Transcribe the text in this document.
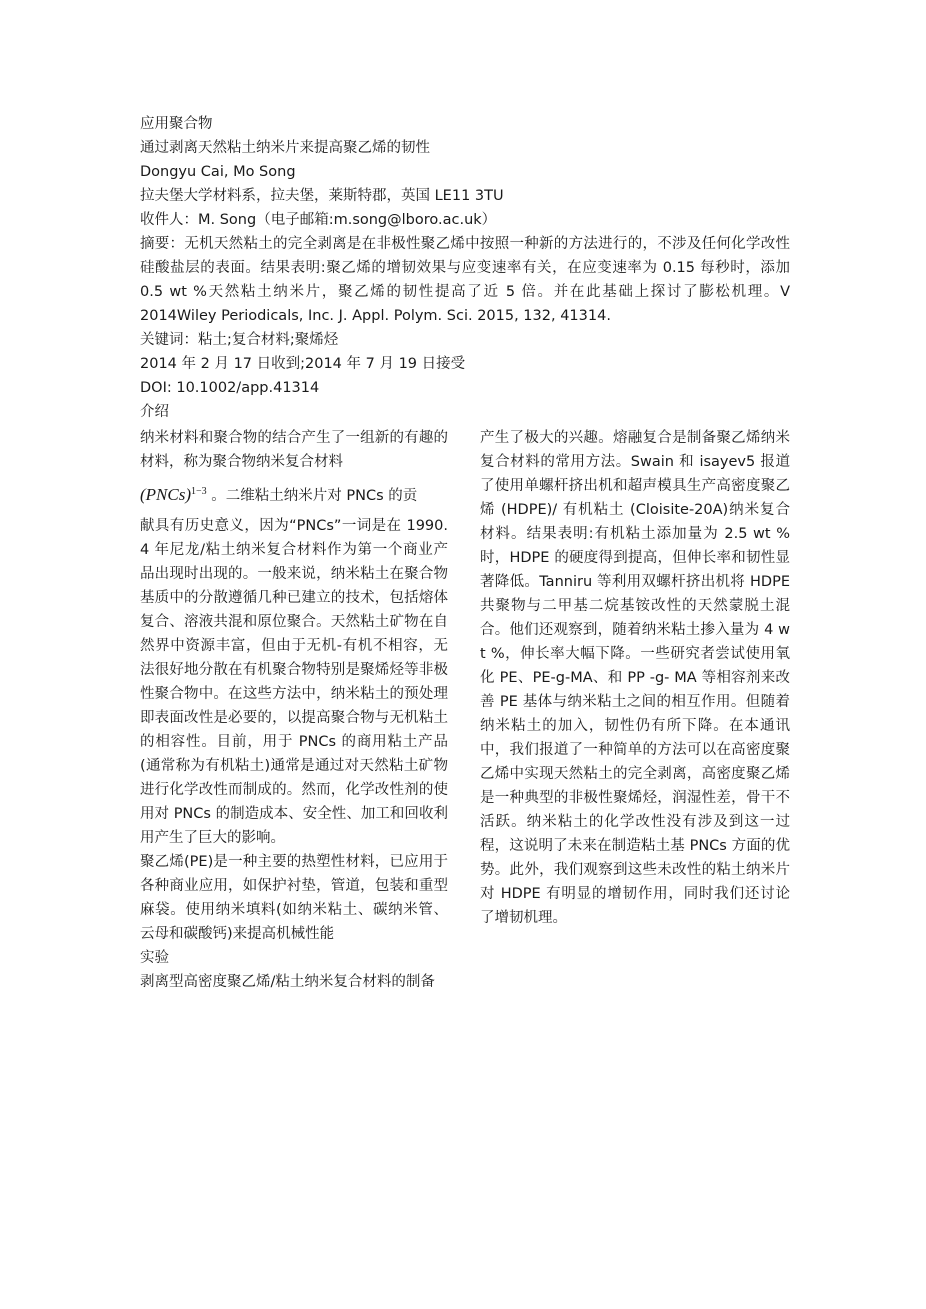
应用聚合物
通过剥离天然粘土纳米片来提高聚乙烯的韧性
Dongyu Cai, Mo Song
拉夫堡大学材料系，拉夫堡，莱斯特郡，英国 LE11 3TU
收件人：M. Song（电子邮箱:m.song@lboro.ac.uk）
摘要：无机天然粘土的完全剥离是在非极性聚乙烯中按照一种新的方法进行的，不涉及任何化学改性硅酸盐层的表面。结果表明:聚乙烯的增韧效果与应变速率有关，在应变速率为 0.15 每秒时，添加 0.5 wt %天然粘土纳米片，聚乙烯的韧性提高了近 5 倍。并在此基础上探讨了膨松机理。V 2014Wiley Periodicals, Inc. J. Appl. Polym. Sci. 2015, 132, 41314.
关键词：粘土;复合材料;聚烯烃
2014 年 2 月 17 日收到;2014 年 7 月 19 日接受
DOI: 10.1002/app.41314
介绍

纳米材料和聚合物的结合产生了一组新的有趣的材料，称为聚合物纳米复合材料

(PNCs)$^{1-3}$ 。二维粘土纳米片对 PNCs 的贡

献具有历史意义，因为“PNCs”一词是在 1990.4 年尼龙/粘土纳米复合材料作为第一个商业产品出现时出现的。一般来说，纳米粘土在聚合物基质中的分散遵循几种已建立的技术，包括熔体复合、溶液共混和原位聚合。天然粘土矿物在自然界中资源丰富，但由于无机-有机不相容，无法很好地分散在有机聚合物特别是聚烯烃等非极性聚合物中。在这些方法中，纳米粘土的预处理即表面改性是必要的，以提高聚合物与无机粘土的相容性。目前，用于 PNCs 的商用粘土产品(通常称为有机粘土)通常是通过对天然粘土矿物进行化学改性而制成的。然而，化学改性剂的使用对 PNCs 的制造成本、安全性、加工和回收利用产生了巨大的影响。

聚乙烯(PE)是一种主要的热塑性材料，已应用于各种商业应用，如保护衬垫，管道，包装和重型麻袋。使用纳米填料(如纳米粘土、碳纳米管、云母和碳酸钙)来提高机械性能

实验
剥离型高密度聚乙烯/粘土纳米复合材料的制备

产生了极大的兴趣。熔融复合是制备聚乙烯纳米复合材料的常用方法。Swain 和 isayev5 报道了使用单螺杆挤出机和超声模具生产高密度聚乙烯 (HDPE)/ 有机粘土 (Cloisite-20A)纳米复合材料。结果表明:有机粘土添加量为 2.5 wt %时，HDPE 的硬度得到提高，但伸长率和韧性显著降低。Tanniru 等利用双螺杆挤出机将 HDPE 共聚物与二甲基二烷基铵改性的天然蒙脱土混合。他们还观察到，随着纳米粘土掺入量为 4 wt %，伸长率大幅下降。一些研究者尝试使用氧化 PE、PE-g-MA、和 PP -g- MA 等相容剂来改善 PE 基体与纳米粘土之间的相互作用。但随着纳米粘土的加入，韧性仍有所下降。在本通讯中，我们报道了一种简单的方法可以在高密度聚乙烯中实现天然粘土的完全剥离，高密度聚乙烯是一种典型的非极性聚烯烃，润湿性差，骨干不活跃。纳米粘土的化学改性没有涉及到这一过程，这说明了未来在制造粘土基 PNCs 方面的优势。此外，我们观察到这些未改性的粘土纳米片对 HDPE 有明显的增韧作用，同时我们还讨论了增韧机理。
